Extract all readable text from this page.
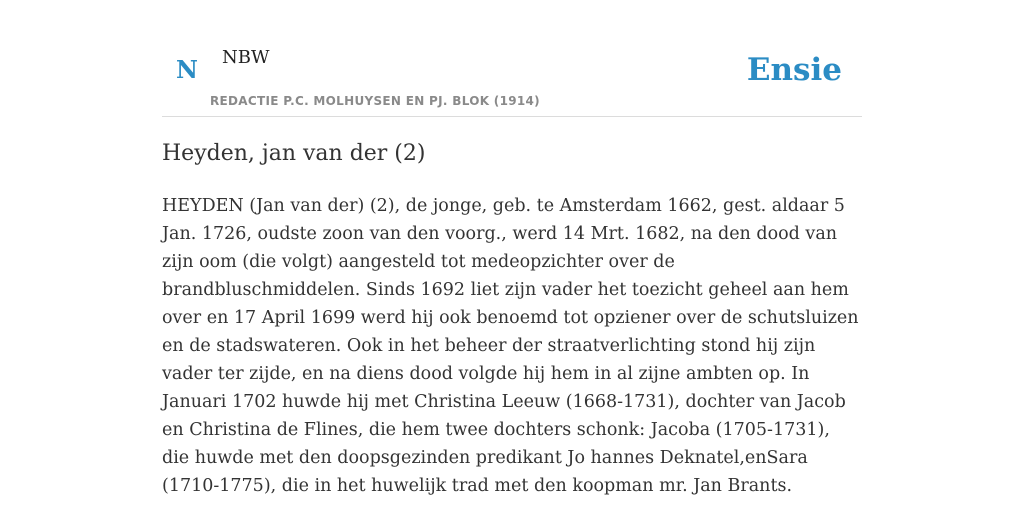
N NBW
REDACTIE P.C. MOLHUYSEN EN PJ. BLOK (1914)
Ensie
Heyden, jan van der (2)

HEYDEN (Jan van der) (2), de jonge, geb. te Amsterdam 1662, gest. aldaar 5 Jan. 1726, oudste zoon van den voorg., werd 14 Mrt. 1682, na den dood van zijn oom (die volgt) aangesteld tot medeopzichter over de brandbluschmiddelen. Sinds 1692 liet zijn vader het toezicht geheel aan hem over en 17 April 1699 werd hij ook benoemd tot opziener over de schutsluizen en de stadswateren. Ook in het beheer der straatverlichting stond hij zijn vader ter zijde, en na diens dood volgde hij hem in al zijne ambten op. In Januari 1702 huwde hij met Christina Leeuw (1668-1731), dochter van Jacob en Christina de Flines, die hem twee dochters schonk: Jacoba (1705-1731), die huwde met den doopsgezinden predikant Jo hannes Deknatel,enSara (1710-1775), die in het huwelijk trad met den koopman mr. Jan Brants.
